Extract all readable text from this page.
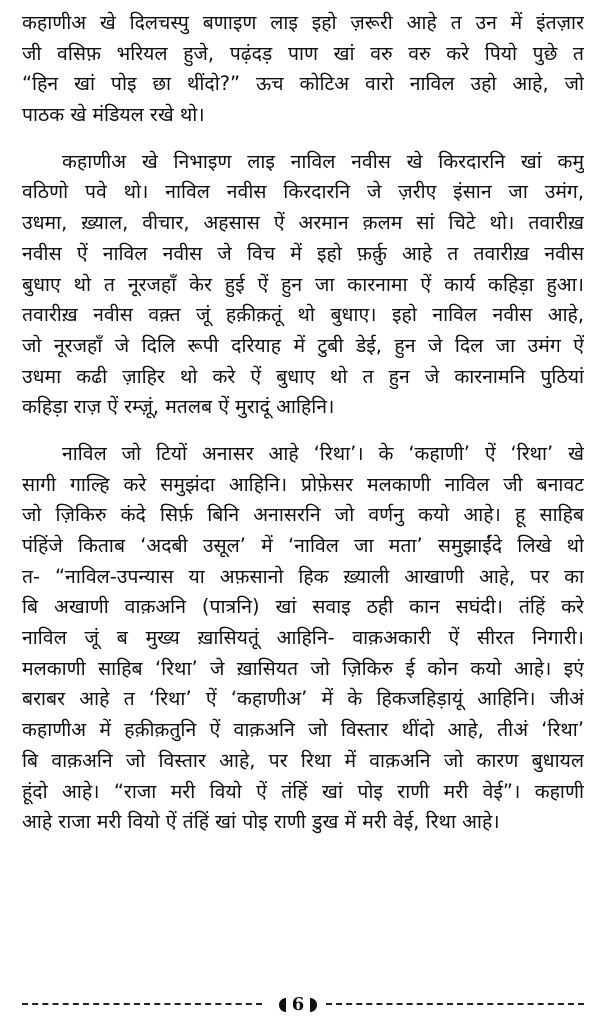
कहाणीअ खे दिलचस्पु बणाइण लाइ इहो ज़रूरी आहे त उन में इंतज़ार
जी वसिफ़ भरियल हुजे, पढ़ंदड़ पाण खां वरु वरु करे पियो पुछे त
“हिन खां पोइ छा थींदो?” ऊच कोटिअ वारो नाविल उहो आहे, जो
पाठक खे मंडियल रखे थो।
कहाणीअ खे निभाइण लाइ नाविल नवीस खे किरदारनि खां कमु
वठिणो पवे थो। नाविल नवीस किरदारनि जे ज़रीए इंसान जा उमंग,
उधमा, ख़्याल, वीचार, अहसास ऐं अरमान क़लम सां चिटे थो। तवारीख़
नवीस ऐं नाविल नवीस जे विच में इहो फ़र्क़ु आहे त तवारीख़ नवीस
बुधाए थो त नूरजहाँ केर हुई ऐं हुन जा कारनामा ऐं कार्य कहिड़ा हुआ।
तवारीख़ नवीस वक़्त जूं हक़ीक़तूं थो बुधाए। इहो नाविल नवीस आहे,
जो नूरजहाँ जे दिलि रूपी दरियाह में टुबी डेई, हुन जे दिल जा उमंग ऐं
उधमा कढी ज़ाहिर थो करे ऐं बुधाए थो त हुन जे कारनामनि पुठियां
कहिड़ा राज़ ऐं रम्ज़ूं, मतलब ऐं मुरादूं आहिनि।
नाविल जो टियों अनासर आहे ‘रिथा’। के ‘कहाणी’ ऐं ‘रिथा’ खे
सागी गाल्हि करे समुझंदा आहिनि। प्रोफ़ेसर मलकाणी नाविल जी बनावट
जो ज़िकिरु कंदे सिर्फ़ बिनि अनासरनि जो वर्णनु कयो आहे। हू साहिब
पंहिंजे किताब ‘अदबी उसूल’ में ‘नाविल जा मता’ समुझाईंदे लिखे थो
त- “नाविल-उपन्यास या अफ़सानो हिक ख़्याली आखाणी आहे, पर का
बि अखाणी वाक़अनि (पात्रनि) खां सवाइ ठही कान सघंदी। तंहिं करे
नाविल जूं ब मुख्य ख़ासियतूं आहिनि- वाक़अकारी ऐं सीरत निगारी।
मलकाणी साहिब ‘रिथा’ जे ख़ासियत जो ज़िकिरु ई कोन कयो आहे। इएं
बराबर आहे त ‘रिथा’ ऐं ‘कहाणीअ’ में के हिकजहिड़ायूं आहिनि। जीअं
कहाणीअ में हक़ीक़तुनि ऐं वाक़अनि जो विस्तार थींदो आहे, तीअं ‘रिथा’
बि वाक़अनि जो विस्तार आहे, पर रिथा में वाक़अनि जो कारण बुधायल
हूंदो आहे। “राजा मरी वियो ऐं तंहिं खां पोइ राणी मरी वेई”। कहाणी
आहे राजा मरी वियो ऐं तंहिं खां पोइ राणी डुख में मरी वेई, रिथा आहे।
6
